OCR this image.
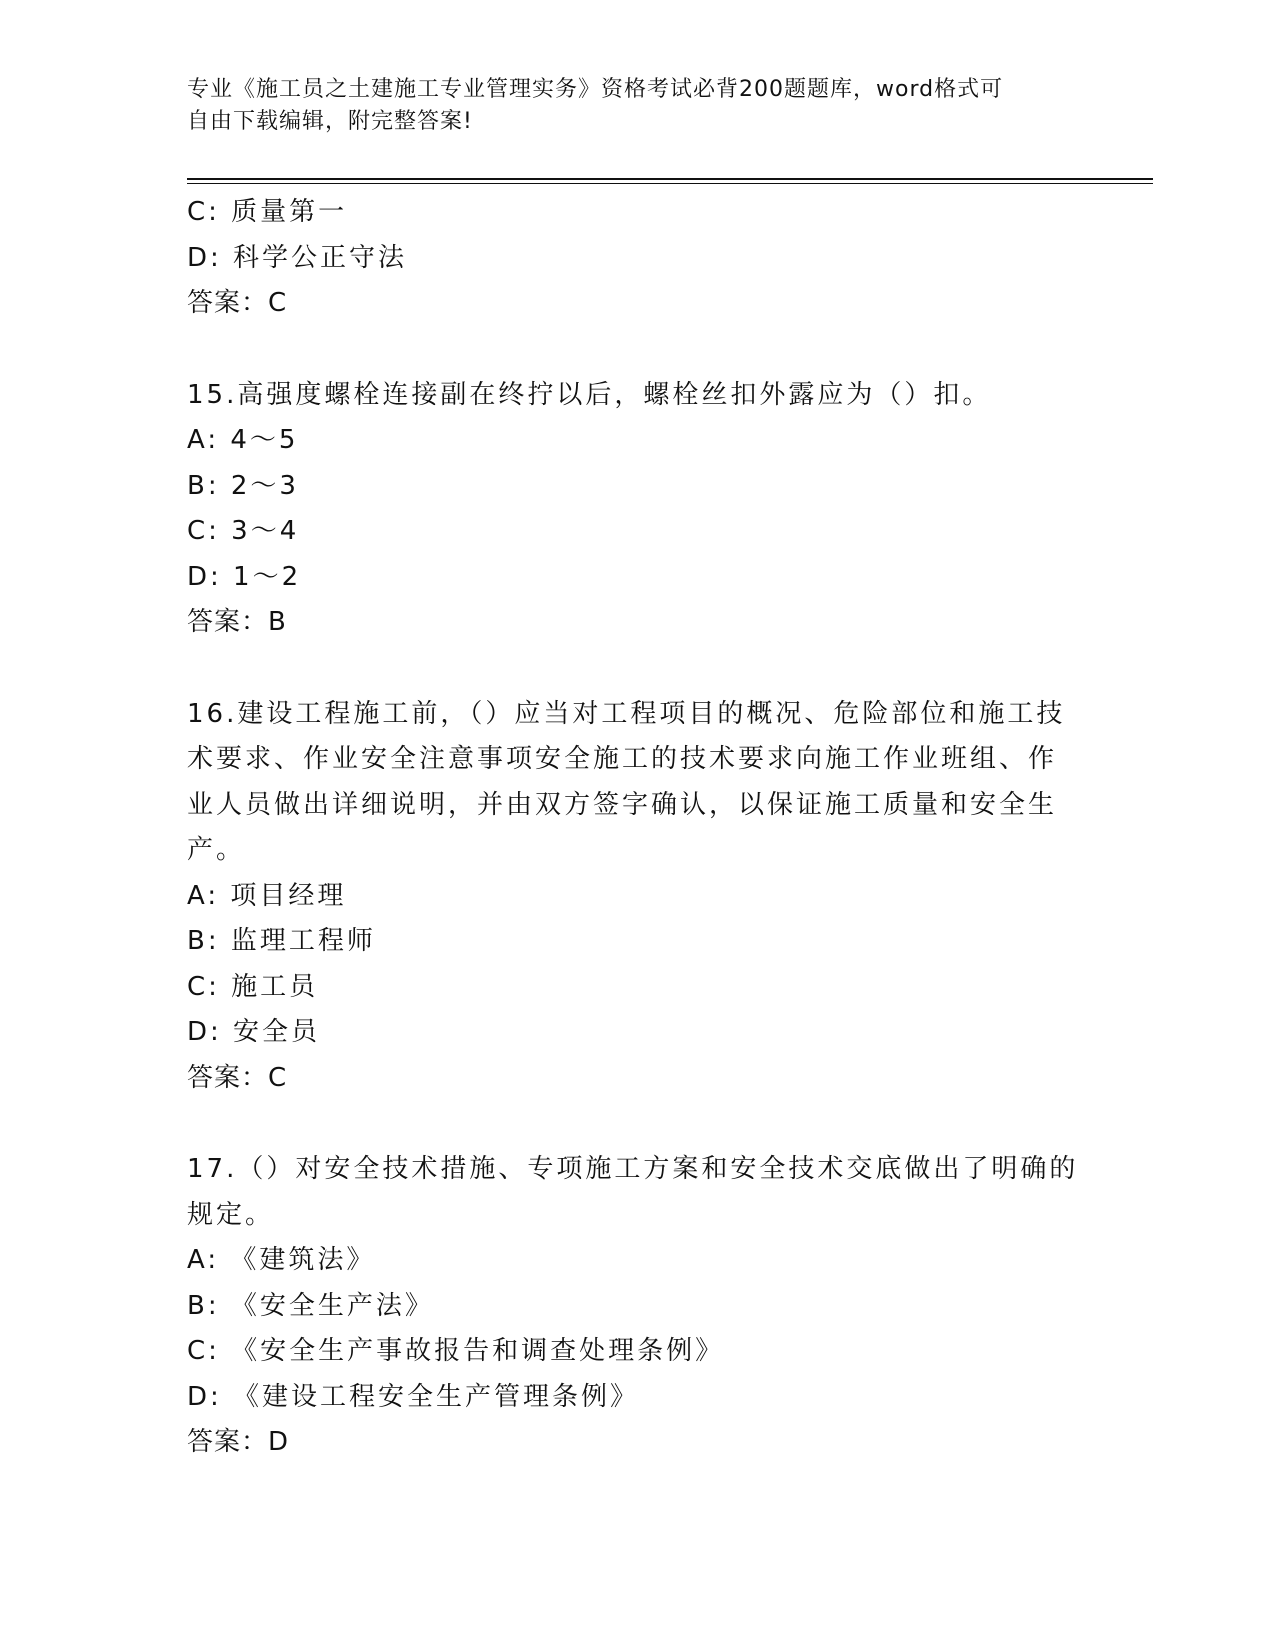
专业《施工员之土建施工专业管理实务》资格考试必背200题题库，word格式可
自由下载编辑，附完整答案!
C: 质量第一
D: 科学公正守法
答案：C
15.高强度螺栓连接副在终拧以后，螺栓丝扣外露应为（）扣。
A: 4～5
B: 2～3
C: 3～4
D: 1～2
答案：B
16.建设工程施工前，（）应当对工程项目的概况、危险部位和施工技
术要求、作业安全注意事项安全施工的技术要求向施工作业班组、作
业人员做出详细说明，并由双方签字确认，以保证施工质量和安全生
产。
A: 项目经理
B: 监理工程师
C: 施工员
D: 安全员
答案：C
17.（）对安全技术措施、专项施工方案和安全技术交底做出了明确的
规定。
A: 《建筑法》
B: 《安全生产法》
C: 《安全生产事故报告和调查处理条例》
D: 《建设工程安全生产管理条例》
答案：D
